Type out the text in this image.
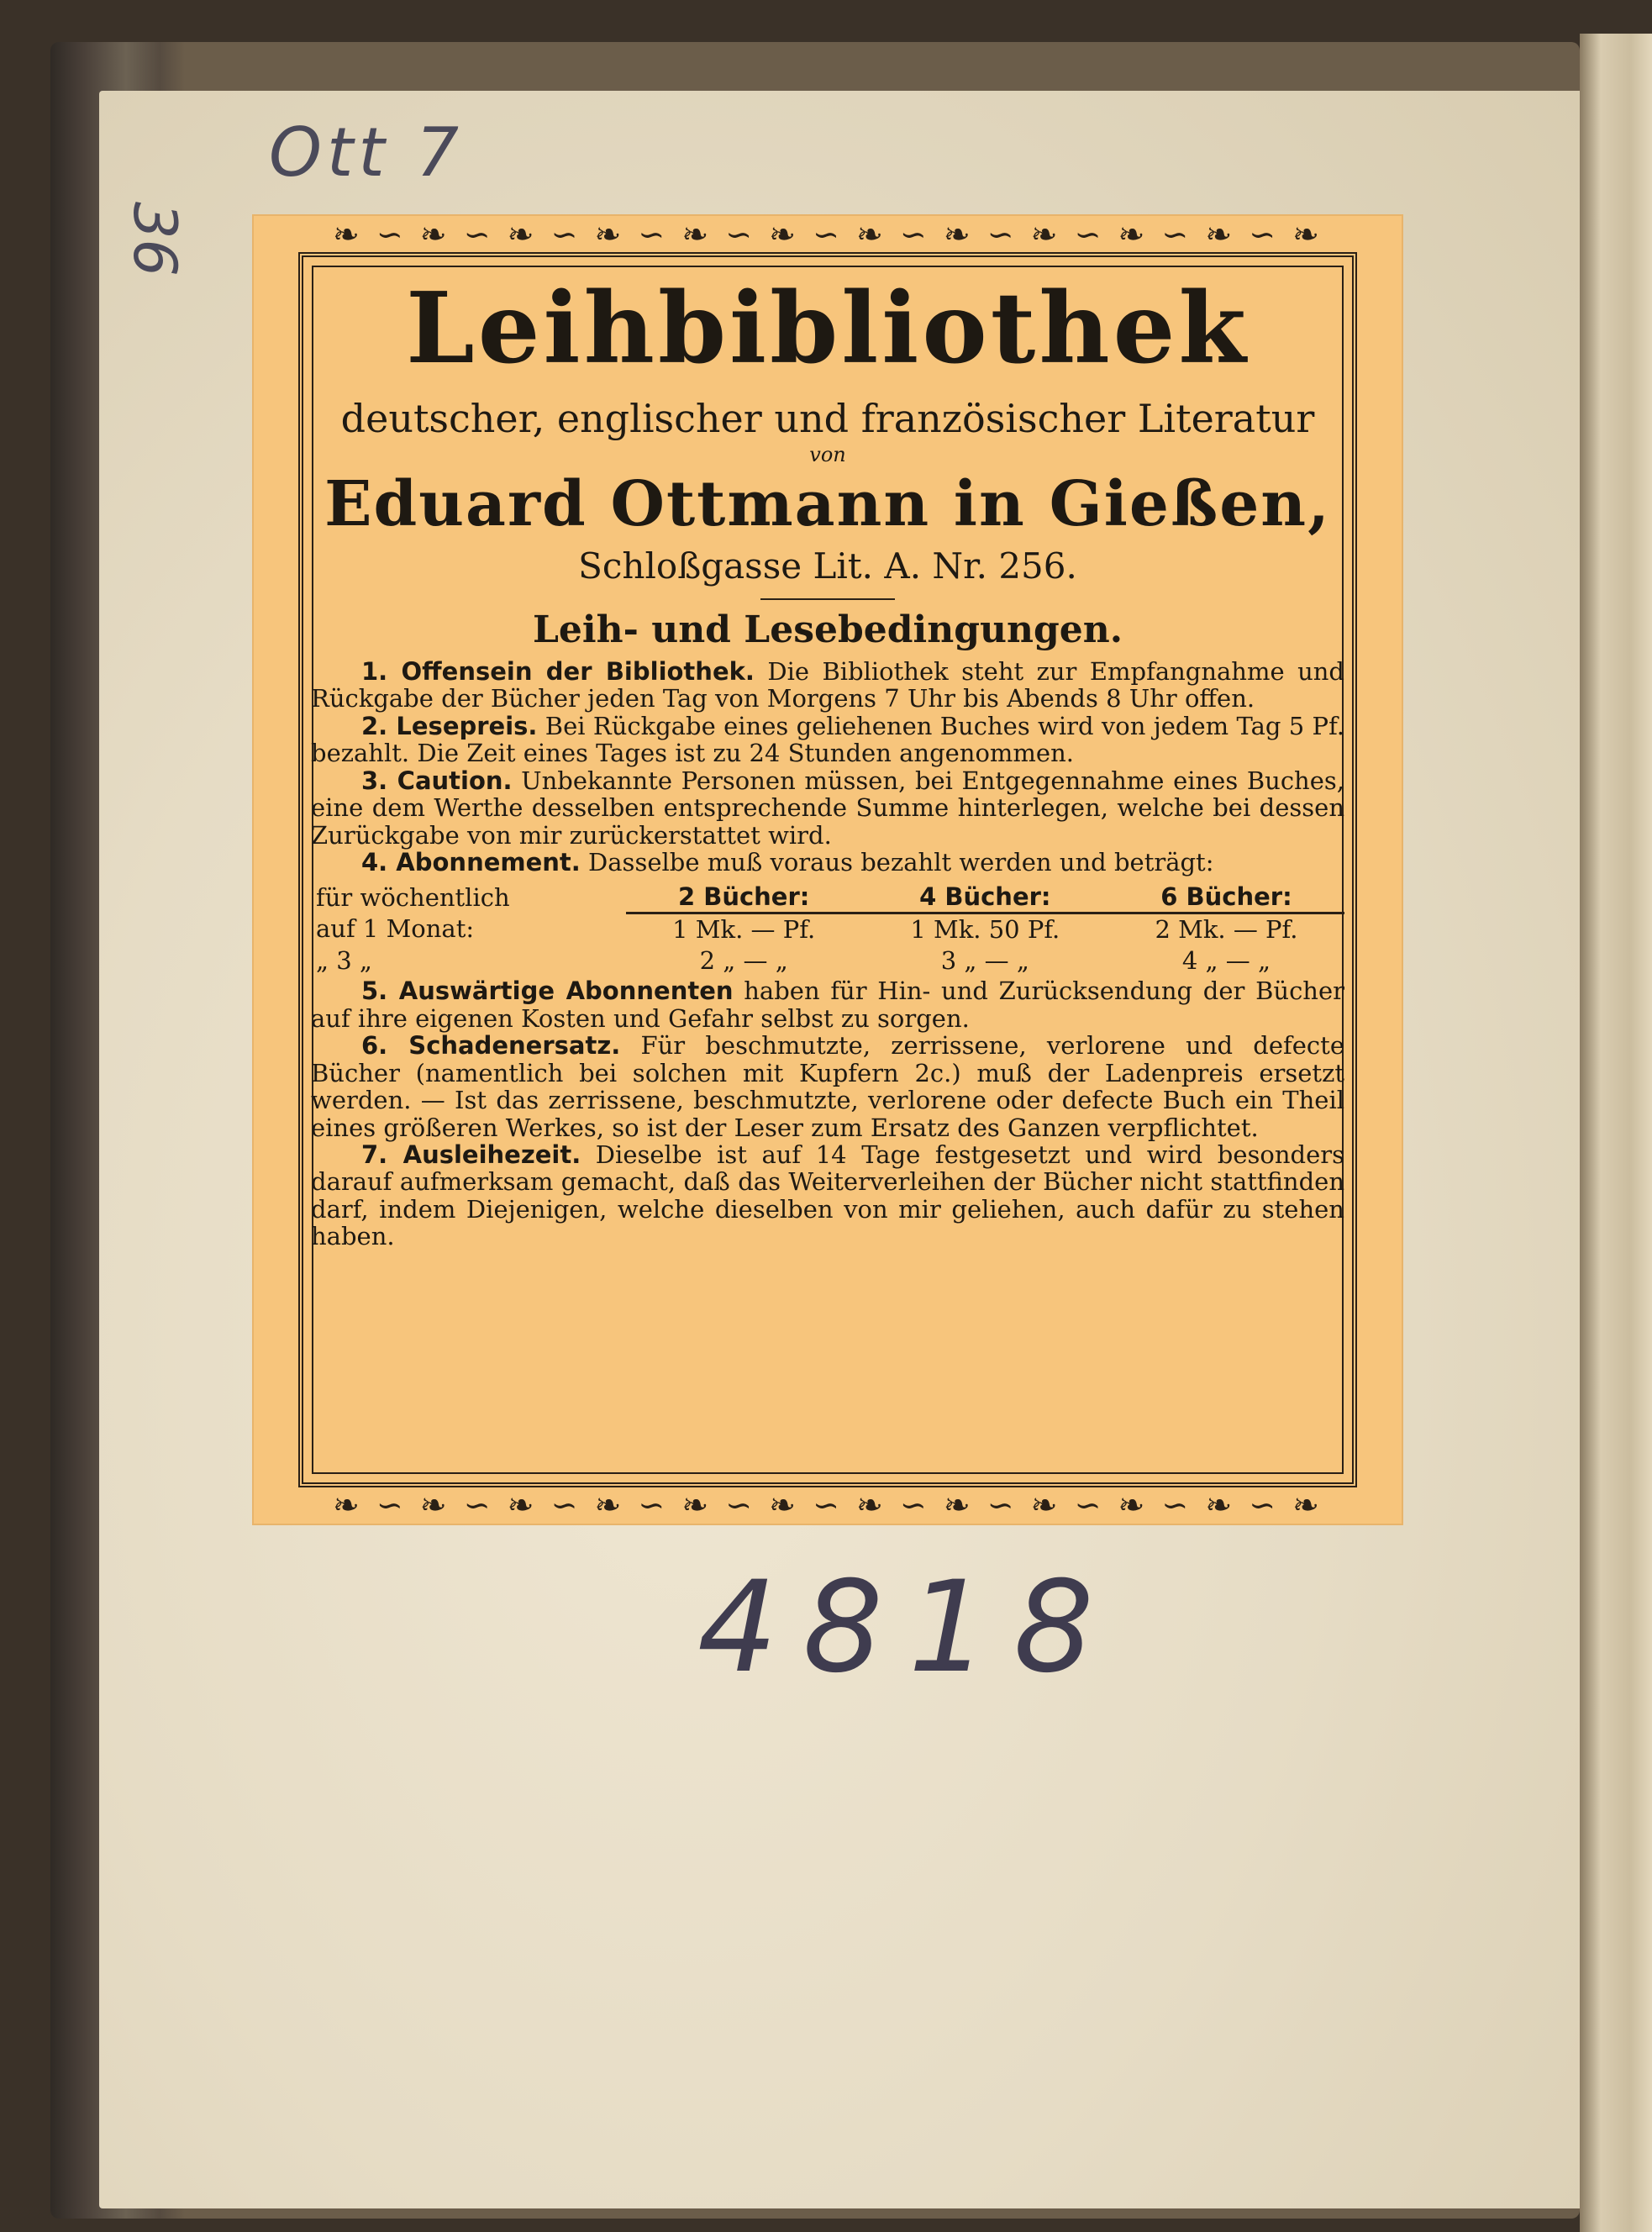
Ott 7
36	❧ ∽ ❧ ∽ ❧ ∽ ❧ ∽ ❧ ∽ ❧ ∽ ❧ ∽ ❧ ∽ ❧ ∽ ❧ ∽ ❧ ∽ ❧
❧ ∽ ❧ ∽ ❧ ∽ ❧ ∽ ❧ ∽ ❧ ∽ ❧ ∽ ❧ ∽ ❧ ∽ ❧ ∽ ❧ ∽ ❧
Leihbibliothek
deutscher, englischer und französischer Literatur
von
Eduard Ottmann in Gießen,
Schloßgasse Lit. A. Nr. 256.
Leih- und Lesebedingungen.

1. Offensein der Bibliothek. Die Bibliothek steht zur Empfangnahme und Rückgabe der Bücher jeden Tag von Morgens 7 Uhr bis Abends 8 Uhr offen.

2. Lesepreis. Bei Rückgabe eines geliehenen Buches wird von jedem Tag 5 Pf. bezahlt. Die Zeit eines Tages ist zu 24 Stunden angenommen.

3. Caution. Unbekannte Personen müssen, bei Entgegennahme eines Buches, eine dem Werthe desselben entsprechende Summe hinterlegen, welche bei dessen Zurückgabe von mir zurückerstattet wird.

4. Abonnement. Dasselbe muß voraus bezahlt werden und beträgt:

für wöchentlich	2 Bücher:	4 Bücher:	6 Bücher:
auf 1 Monat:	1 Mk. — Pf.	1 Mk. 50 Pf.	2 Mk. — Pf.
„ 3 „	2 „ — „	3 „ — „	4 „ — „

5. Auswärtige Abonnenten haben für Hin- und Zurücksendung der Bücher auf ihre eigenen Kosten und Gefahr selbst zu sorgen.

6. Schadenersatz. Für beschmutzte, zerrissene, verlorene und defecte Bücher (namentlich bei solchen mit Kupfern 2c.) muß der Ladenpreis ersetzt werden. — Ist das zerrissene, beschmutzte, verlorene oder defecte Buch ein Theil eines größeren Werkes, so ist der Leser zum Ersatz des Ganzen verpflichtet.

7. Ausleihezeit. Dieselbe ist auf 14 Tage festgesetzt und wird besonders darauf aufmerksam gemacht, daß das Weiterverleihen der Bücher nicht stattfinden darf, indem Diejenigen, welche dieselben von mir geliehen, auch dafür zu stehen haben.

4818
